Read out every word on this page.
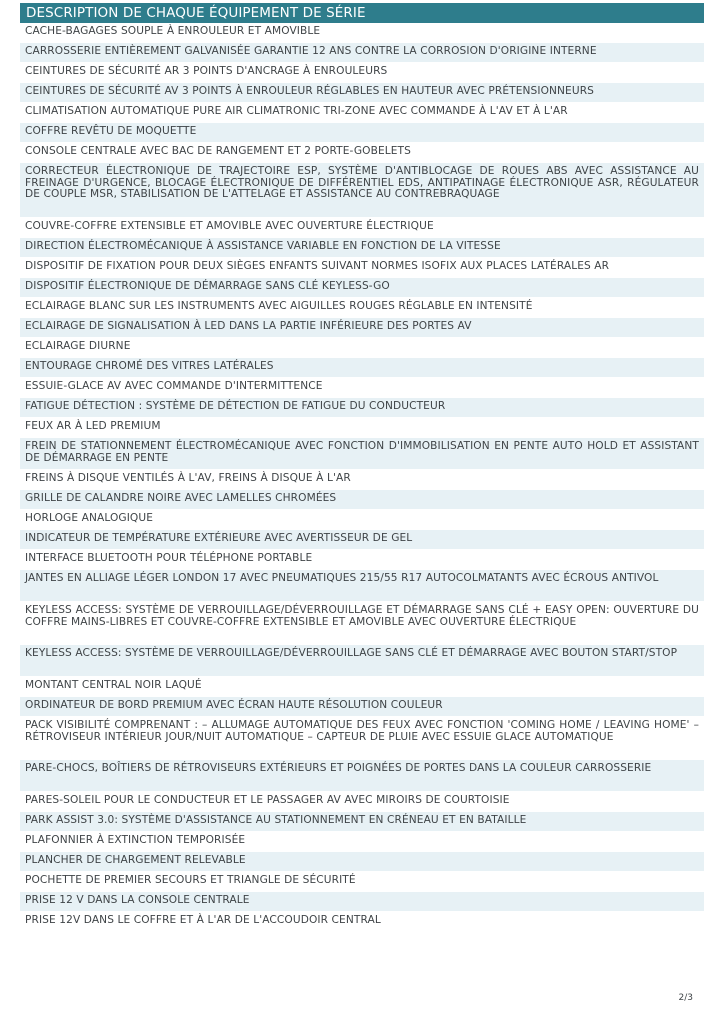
DESCRIPTION DE CHAQUE ÉQUIPEMENT DE SÉRIE
CACHE-BAGAGES SOUPLE À ENROULEUR ET AMOVIBLE
CARROSSERIE ENTIÈREMENT GALVANISÉE GARANTIE 12 ANS CONTRE LA CORROSION D'ORIGINE INTERNE
CEINTURES DE SÉCURITÉ AR 3 POINTS D'ANCRAGE À ENROULEURS
CEINTURES DE SÉCURITÉ AV 3 POINTS À ENROULEUR RÉGLABLES EN HAUTEUR AVEC PRÉTENSIONNEURS
CLIMATISATION AUTOMATIQUE PURE AIR CLIMATRONIC TRI-ZONE AVEC COMMANDE À L'AV ET À L'AR
COFFRE REVÊTU DE MOQUETTE
CONSOLE CENTRALE AVEC BAC DE RANGEMENT ET 2 PORTE-GOBELETS
CORRECTEUR ÉLECTRONIQUE DE TRAJECTOIRE ESP, SYSTÈME D'ANTIBLOCAGE DE ROUES ABS AVEC ASSISTANCE AU FREINAGE D'URGENCE, BLOCAGE ÉLECTRONIQUE DE DIFFÉRENTIEL EDS, ANTIPATINAGE ÉLECTRONIQUE ASR, RÉGULATEUR DE COUPLE MSR, STABILISATION DE L'ATTELAGE ET ASSISTANCE AU CONTREBRAQUAGE
COUVRE-COFFRE EXTENSIBLE ET AMOVIBLE AVEC OUVERTURE ÉLECTRIQUE
DIRECTION ÉLECTROMÉCANIQUE À ASSISTANCE VARIABLE EN FONCTION DE LA VITESSE
DISPOSITIF DE FIXATION POUR DEUX SIÈGES ENFANTS SUIVANT NORMES ISOFIX AUX PLACES LATÉRALES AR
DISPOSITIF ÉLECTRONIQUE DE DÉMARRAGE SANS CLÉ KEYLESS-GO
ECLAIRAGE BLANC SUR LES INSTRUMENTS AVEC AIGUILLES ROUGES RÉGLABLE EN INTENSITÉ
ECLAIRAGE DE SIGNALISATION À LED DANS LA PARTIE INFÉRIEURE DES PORTES AV
ECLAIRAGE DIURNE
ENTOURAGE CHROMÉ DES VITRES LATÉRALES
ESSUIE-GLACE AV AVEC COMMANDE D'INTERMITTENCE
FATIGUE DÉTECTION : SYSTÈME DE DÉTECTION DE FATIGUE DU CONDUCTEUR
FEUX AR À LED PREMIUM
FREIN DE STATIONNEMENT ÉLECTROMÉCANIQUE AVEC FONCTION D'IMMOBILISATION EN PENTE AUTO HOLD ET ASSISTANT DE DÉMARRAGE EN PENTE
FREINS À DISQUE VENTILÉS À L'AV, FREINS À DISQUE À L'AR
GRILLE DE CALANDRE NOIRE AVEC LAMELLES CHROMÉES
HORLOGE ANALOGIQUE
INDICATEUR DE TEMPÉRATURE EXTÉRIEURE AVEC AVERTISSEUR DE GEL
INTERFACE BLUETOOTH POUR TÉLÉPHONE PORTABLE
JANTES EN ALLIAGE LÉGER LONDON 17 AVEC PNEUMATIQUES 215/55 R17 AUTOCOLMATANTS AVEC ÉCROUS ANTIVOL
KEYLESS ACCESS: SYSTÈME DE VERROUILLAGE/DÉVERROUILLAGE ET DÉMARRAGE SANS CLÉ + EASY OPEN: OUVERTURE DU COFFRE MAINS-LIBRES ET COUVRE-COFFRE EXTENSIBLE ET AMOVIBLE AVEC OUVERTURE ÉLECTRIQUE
KEYLESS ACCESS: SYSTÈME DE VERROUILLAGE/DÉVERROUILLAGE SANS CLÉ ET DÉMARRAGE AVEC BOUTON START/STOP
MONTANT CENTRAL NOIR LAQUÉ
ORDINATEUR DE BORD PREMIUM AVEC ÉCRAN HAUTE RÉSOLUTION COULEUR
PACK VISIBILITÉ COMPRENANT : – ALLUMAGE AUTOMATIQUE DES FEUX AVEC FONCTION 'COMING HOME / LEAVING HOME' – RÉTROVISEUR INTÉRIEUR JOUR/NUIT AUTOMATIQUE – CAPTEUR DE PLUIE AVEC ESSUIE GLACE AUTOMATIQUE
PARE-CHOCS, BOÎTIERS DE RÉTROVISEURS EXTÉRIEURS ET POIGNÉES DE PORTES DANS LA COULEUR CARROSSERIE
PARES-SOLEIL POUR LE CONDUCTEUR ET LE PASSAGER AV AVEC MIROIRS DE COURTOISIE
PARK ASSIST 3.0: SYSTÈME D'ASSISTANCE AU STATIONNEMENT EN CRÉNEAU ET EN BATAILLE
PLAFONNIER À EXTINCTION TEMPORISÉE
PLANCHER DE CHARGEMENT RELEVABLE
POCHETTE DE PREMIER SECOURS ET TRIANGLE DE SÉCURITÉ
PRISE 12 V DANS LA CONSOLE CENTRALE
PRISE 12V DANS LE COFFRE ET À L'AR DE L'ACCOUDOIR CENTRAL
2/3
